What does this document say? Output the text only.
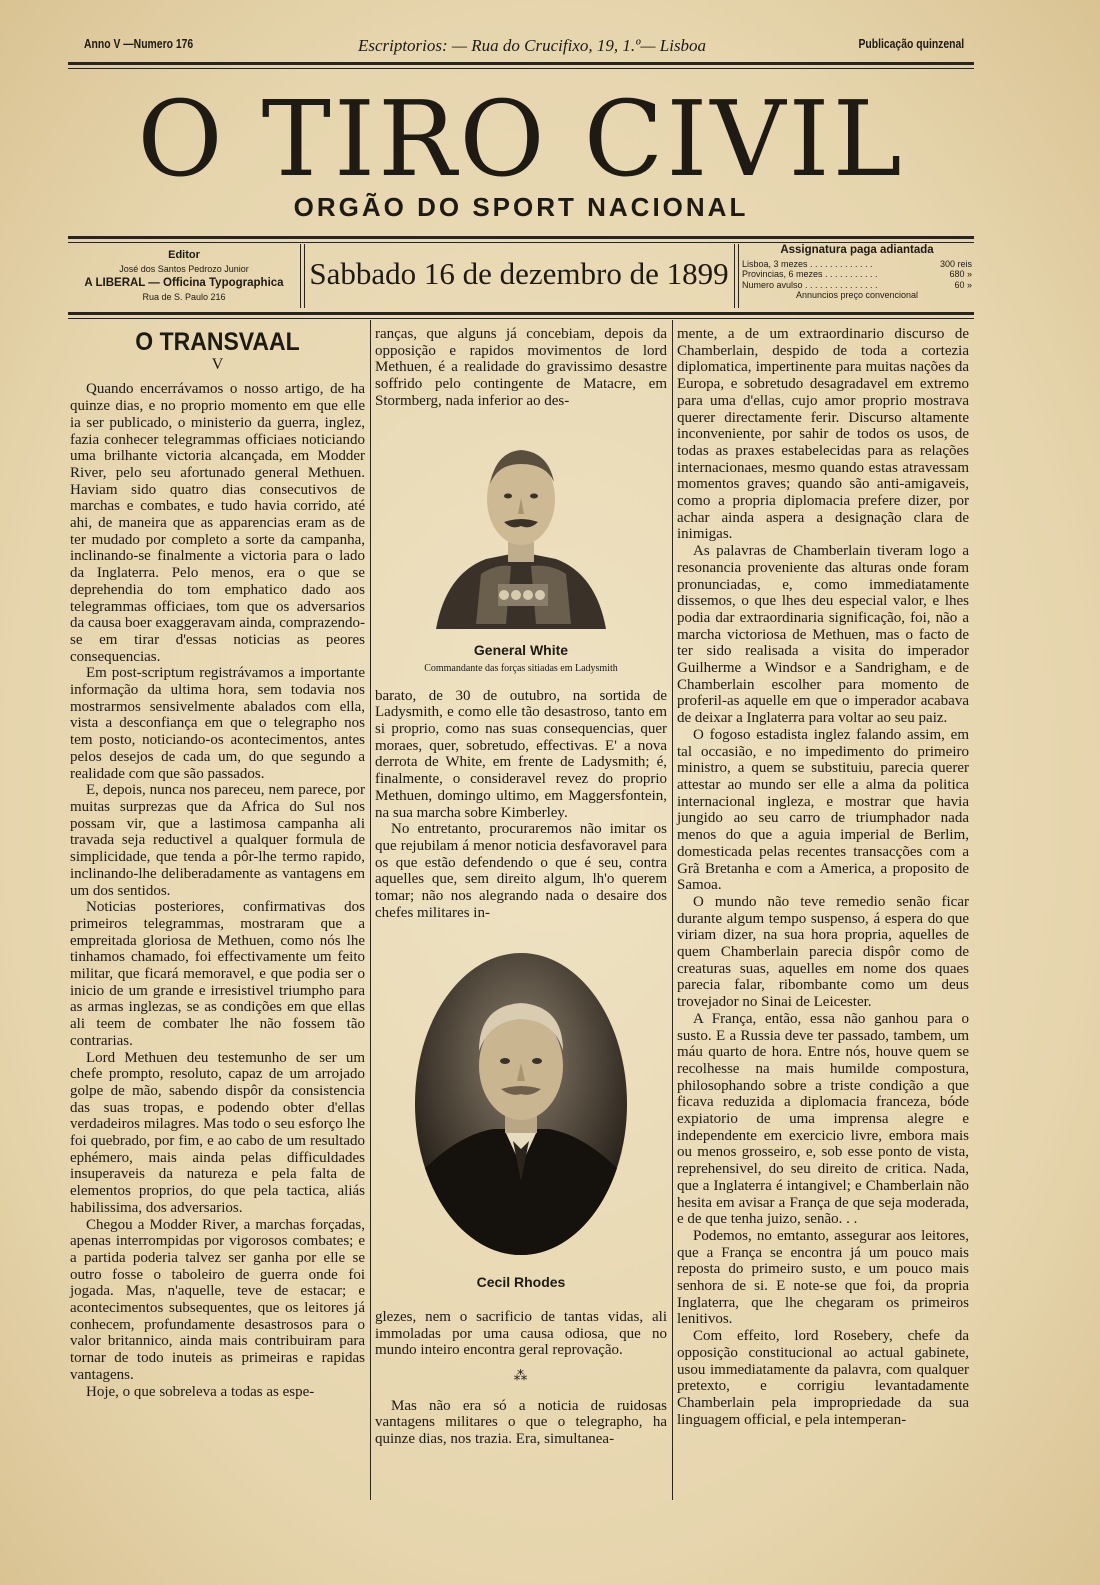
Anno V —Numero 176	Escriptorios: — Rua do Crucifixo, 19, 1.º— Lisboa	Publicação quinzenal
O TIRO CIVIL
ORGÃO DO SPORT NACIONAL
Editor
José dos Santos Pedrozo Junior
A LIBERAL — Officina Typographica
Rua de S. Paulo 216
Sabbado 16 de dezembro de 1899
Assignatura paga adiantada
Lisboa, 3 mezes . . . . . . . . . . . . .	300 reis
Provincias, 6 mezes . . . . . . . . . . .	680 »
Numero avulso . . . . . . . . . . . . . . .	60 »
Annuncios preço convencional
O TRANSVAAL
V

Quando encerrávamos o nosso artigo, de ha quinze dias, e no proprio momento em que elle ia ser publicado, o ministerio da guerra, inglez, fazia conhecer telegrammas officiaes noticiando uma brilhante victoria alcançada, em Modder River, pelo seu afortunado general Methuen. Haviam sido quatro dias consecutivos de marchas e combates, e tudo havia corrido, até ahi, de maneira que as apparencias eram as de ter mudado por completo a sorte da campanha, inclinando-se finalmente a victoria para o lado da Inglaterra. Pelo menos, era o que se deprehendia do tom emphatico dado aos telegrammas officiaes, tom que os adversarios da causa boer exaggeravam ainda, comprazendo-se em tirar d'essas noticias as peores consequencias.

Em post-scriptum registrávamos a importante informação da ultima hora, sem todavia nos mostrarmos sensivelmente abalados com ella, vista a desconfiança em que o telegrapho nos tem posto, noticiando-os acontecimentos, antes pelos desejos de cada um, do que segundo a realidade com que são passados.

E, depois, nunca nos pareceu, nem parece, por muitas surprezas que da Africa do Sul nos possam vir, que a lastimosa campanha ali travada seja reductivel a qualquer formula de simplicidade, que tenda a pôr-lhe termo rapido, inclinando-lhe deliberadamente as vantagens em um dos sentidos.

Noticias posteriores, confirmativas dos primeiros telegrammas, mostraram que a empreitada gloriosa de Methuen, como nós lhe tinhamos chamado, foi effectivamente um feito militar, que ficará memoravel, e que podia ser o inicio de um grande e irresistivel triumpho para as armas inglezas, se as condições em que ellas ali teem de combater lhe não fossem tão contrarias.

Lord Methuen deu testemunho de ser um chefe prompto, resoluto, capaz de um arrojado golpe de mão, sabendo dispôr da consistencia das suas tropas, e podendo obter d'ellas verdadeiros milagres. Mas todo o seu esforço lhe foi quebrado, por fim, e ao cabo de um resultado ephémero, mais ainda pelas difficuldades insuperaveis da natureza e pela falta de elementos proprios, do que pela tactica, aliás habilissima, dos adversarios.

Chegou a Modder River, a marchas forçadas, apenas interrompidas por vigorosos combates; e a partida poderia talvez ser ganha por elle se outro fosse o taboleiro de guerra onde foi jogada. Mas, n'aquelle, teve de estacar; e acontecimentos subsequentes, que os leitores já conhecem, profundamente desastrosos para o valor britannico, ainda mais contribuiram para tornar de todo inuteis as primeiras e rapidas vantagens.

Hoje, o que sobreleva a todas as espe-

ranças, que alguns já concebiam, depois da opposição e rapidos movimentos de lord Methuen, é a realidade do gravissimo desastre soffrido pelo contingente de Matacre, em Stormberg, nada inferior ao des-

General White
Commandante das forças sitiadas em Ladysmith

barato, de 30 de outubro, na sortida de Ladysmith, e como elle tão desastroso, tanto em si proprio, como nas suas consequencias, quer moraes, quer, sobretudo, effectivas. E' a nova derrota de White, em frente de Ladysmith; é, finalmente, o consideravel revez do proprio Methuen, domingo ultimo, em Maggersfontein, na sua marcha sobre Kimberley.

No entretanto, procuraremos não imitar os que rejubilam á menor noticia desfavoravel para os que estão defendendo o que é seu, contra aquelles que, sem direito algum, lh'o querem tomar; não nos alegrando nada o desaire dos chefes militares in-

Cecil Rhodes

glezes, nem o sacrificio de tantas vidas, ali immoladas por uma causa odiosa, que no mundo inteiro encontra geral reprovação.

⁂

Mas não era só a noticia de ruidosas vantagens militares o que o telegrapho, ha quinze dias, nos trazia. Era, simultanea-

mente, a de um extraordinario discurso de Chamberlain, despido de toda a cortezia diplomatica, impertinente para muitas nações da Europa, e sobretudo desagradavel em extremo para uma d'ellas, cujo amor proprio mostrava querer directamente ferir. Discurso altamente inconveniente, por sahir de todos os usos, de todas as praxes estabelecidas para as relações internacionaes, mesmo quando estas atravessam momentos graves; quando são anti-amigaveis, como a propria diplomacia prefere dizer, por achar ainda aspera a designação clara de inimigas.

As palavras de Chamberlain tiveram logo a resonancia proveniente das alturas onde foram pronunciadas, e, como immediatamente dissemos, o que lhes deu especial valor, e lhes podia dar extraordinaria significação, foi, não a marcha victoriosa de Methuen, mas o facto de ter sido realisada a visita do imperador Guilherme a Windsor e a Sandrigham, e de Chamberlain escolher para momento de proferil-as aquelle em que o imperador acabava de deixar a Inglaterra para voltar ao seu paiz.

O fogoso estadista inglez falando assim, em tal occasião, e no impedimento do primeiro ministro, a quem se substituiu, parecia querer attestar ao mundo ser elle a alma da politica internacional ingleza, e mostrar que havia jungido ao seu carro de triumphador nada menos do que a aguia imperial de Berlim, domesticada pelas recentes transacções com a Grã Bretanha e com a America, a proposito de Samoa.

O mundo não teve remedio senão ficar durante algum tempo suspenso, á espera do que viriam dizer, na sua hora propria, aquelles de quem Chamberlain parecia dispôr como de creaturas suas, aquelles em nome dos quaes parecia falar, ribombante como um deus trovejador no Sinai de Leicester.

A França, então, essa não ganhou para o susto. E a Russia deve ter passado, tambem, um máu quarto de hora. Entre nós, houve quem se recolhesse na mais humilde compostura, philosophando sobre a triste condição a que ficava reduzida a diplomacia franceza, bóde expiatorio de uma imprensa alegre e independente em exercicio livre, embora mais ou menos grosseiro, e, sob esse ponto de vista, reprehensivel, do seu direito de critica. Nada, que a Inglaterra é intangivel; e Chamberlain não hesita em avisar a França de que seja moderada, e de que tenha juizo, senão. . .

Podemos, no emtanto, assegurar aos leitores, que a França se encontra já um pouco mais reposta do primeiro susto, e um pouco mais senhora de si. E note-se que foi, da propria Inglaterra, que lhe chegaram os primeiros lenitivos.

Com effeito, lord Rosebery, chefe da opposição constitucional ao actual gabinete, usou immediatamente da palavra, com qualquer pretexto, e corrigiu levantadamente Chamberlain pela impropriedade da sua linguagem official, e pela intemperan-
